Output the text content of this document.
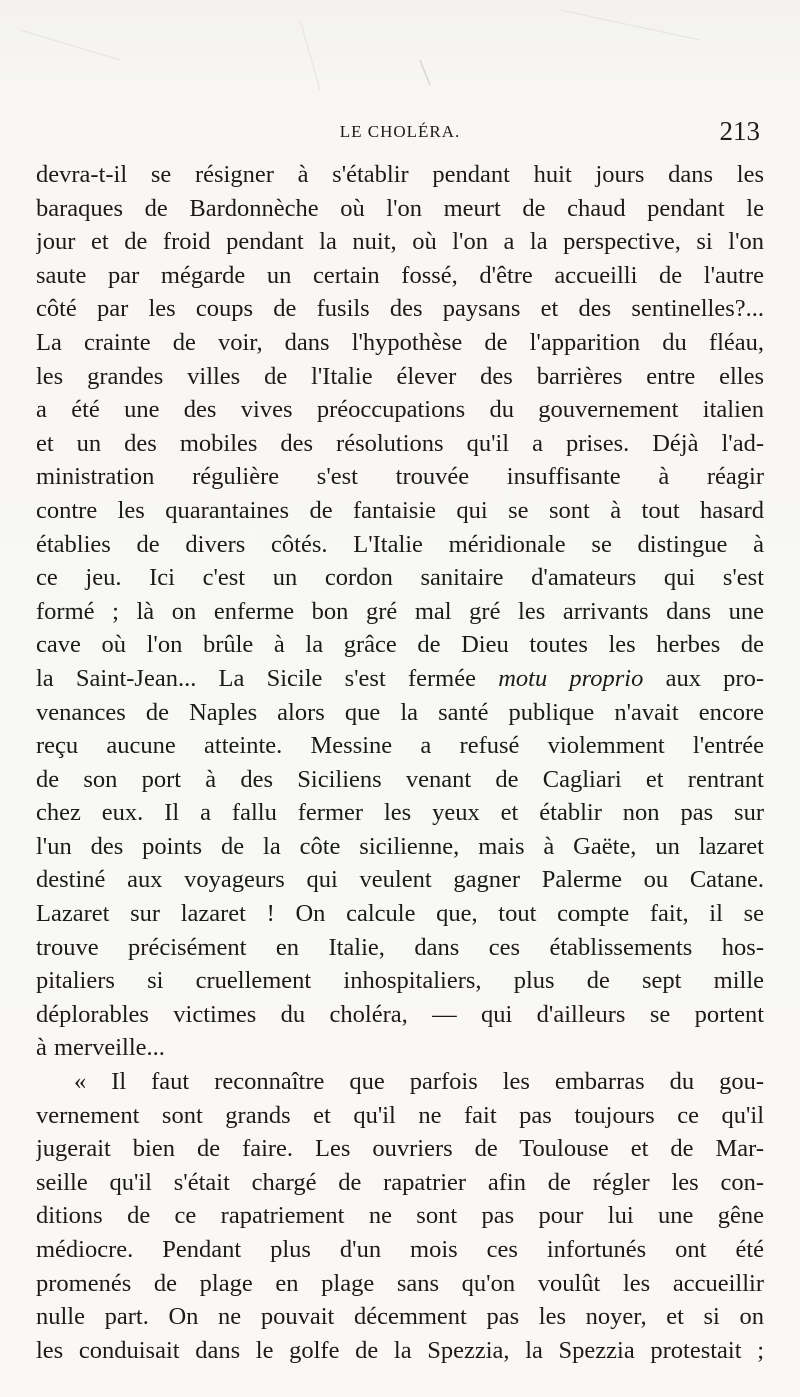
LE CHOLÉRA.	213
devra-t-il se résigner à s'établir pendant huit jours dans les
baraques de Bardonnèche où l'on meurt de chaud pendant le
jour et de froid pendant la nuit, où l'on a la perspective, si l'on
saute par mégarde un certain fossé, d'être accueilli de l'autre
côté par les coups de fusils des paysans et des sentinelles?...
La crainte de voir, dans l'hypothèse de l'apparition du fléau,
les grandes villes de l'Italie élever des barrières entre elles
a été une des vives préoccupations du gouvernement italien
et un des mobiles des résolutions qu'il a prises. Déjà l'ad-
ministration régulière s'est trouvée insuffisante à réagir
contre les quarantaines de fantaisie qui se sont à tout hasard
établies de divers côtés. L'Italie méridionale se distingue à
ce jeu. Ici c'est un cordon sanitaire d'amateurs qui s'est
formé ; là on enferme bon gré mal gré les arrivants dans une
cave où l'on brûle à la grâce de Dieu toutes les herbes de
la Saint-Jean... La Sicile s'est fermée motu proprio aux pro-
venances de Naples alors que la santé publique n'avait encore
reçu aucune atteinte. Messine a refusé violemment l'entrée
de son port à des Siciliens venant de Cagliari et rentrant
chez eux. Il a fallu fermer les yeux et établir non pas sur
l'un des points de la côte sicilienne, mais à Gaëte, un lazaret
destiné aux voyageurs qui veulent gagner Palerme ou Catane.
Lazaret sur lazaret ! On calcule que, tout compte fait, il se
trouve précisément en Italie, dans ces établissements hos-
pitaliers si cruellement inhospitaliers, plus de sept mille
déplorables victimes du choléra, — qui d'ailleurs se portent
à merveille...
« Il faut reconnaître que parfois les embarras du gou-
vernement sont grands et qu'il ne fait pas toujours ce qu'il
jugerait bien de faire. Les ouvriers de Toulouse et de Mar-
seille qu'il s'était chargé de rapatrier afin de régler les con-
ditions de ce rapatriement ne sont pas pour lui une gêne
médiocre. Pendant plus d'un mois ces infortunés ont été
promenés de plage en plage sans qu'on voulût les accueillir
nulle part. On ne pouvait décemment pas les noyer, et si on
les conduisait dans le golfe de la Spezzia, la Spezzia protestait ;
